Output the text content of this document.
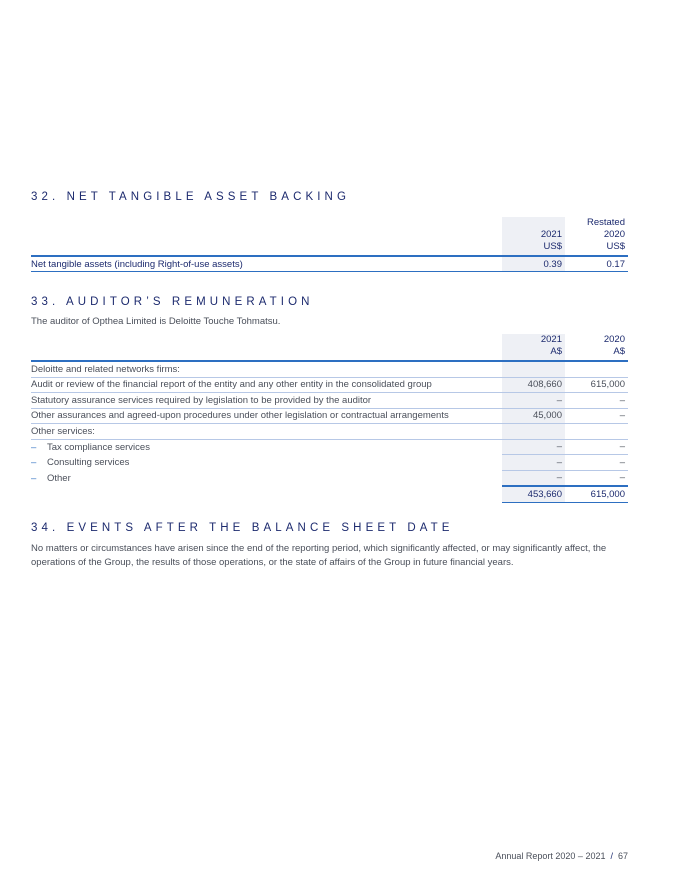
32. NET TANGIBLE ASSET BACKING
		Restated
	2021	2020
	US$	US$
Net tangible assets (including Right-of-use assets)	0.39	0.17
33. AUDITOR’S REMUNERATION

The auditor of Opthea Limited is Deloitte Touche Tohmatsu.

	2021	2020
	A$	A$
Deloitte and related networks firms:		
Audit or review of the financial report of the entity and any other entity in the consolidated group	408,660	615,000
Statutory assurance services required by legislation to be provided by the auditor	–	–
Other assurances and agreed-upon procedures under other legislation or contractual arrangements	45,000	–
Other services:		
– Tax compliance services	–	–
– Consulting services	–	–
– Other	–	–
	453,660	615,000
34. EVENTS AFTER THE BALANCE SHEET DATE

No matters or circumstances have arisen since the end of the reporting period, which significantly affected, or may significantly affect, the operations of the Group, the results of those operations, or the state of affairs of the Group in future financial years.

Annual Report 2020 – 2021 / 67
